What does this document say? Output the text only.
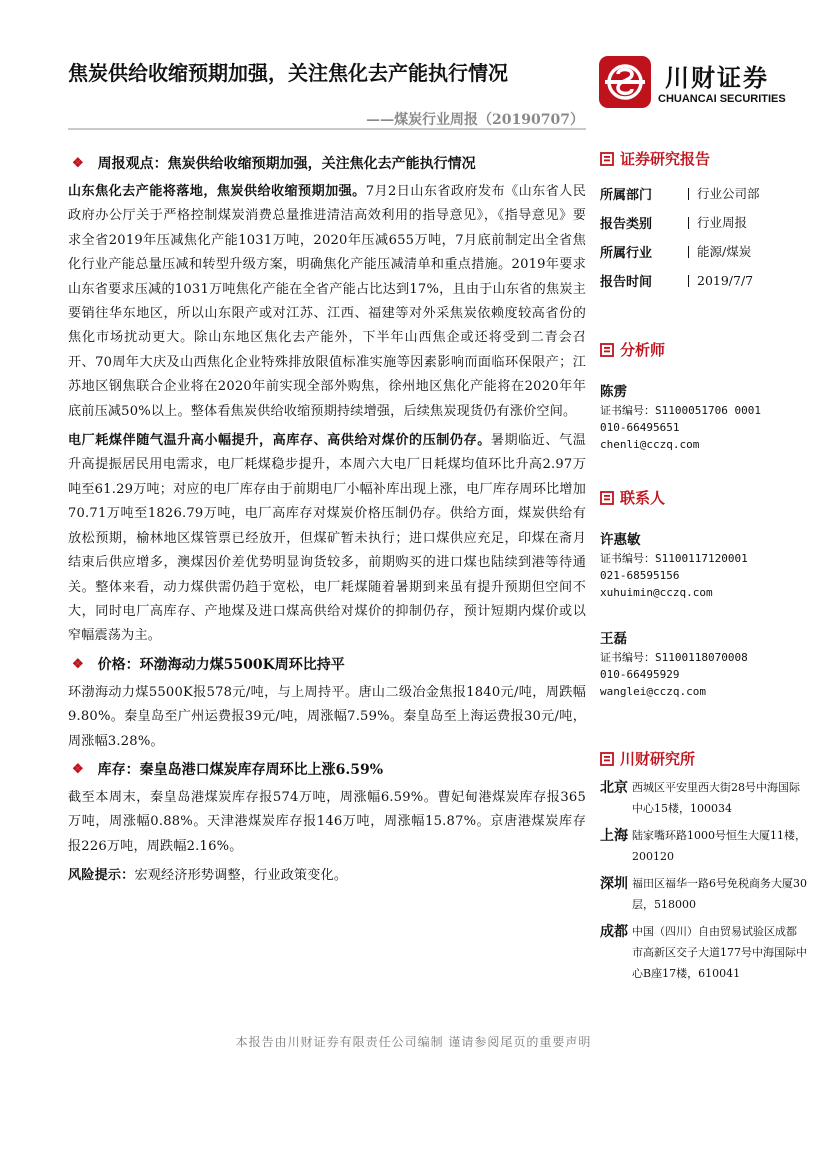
焦炭供给收缩预期加强，关注焦化去产能执行情况
——煤炭行业周报（20190707）
川财证券
CHUANCAI SECURITIES
❖ 周报观点：焦炭供给收缩预期加强，关注焦化去产能执行情况

山东焦化去产能将落地，焦炭供给收缩预期加强。7月2日山东省政府发布《山东省人民政府办公厅关于严格控制煤炭消费总量推进清洁高效利用的指导意见》，《指导意见》要求全省2019年压减焦化产能1031万吨，2020年压减655万吨，7月底前制定出全省焦化行业产能总量压减和转型升级方案，明确焦化产能压减清单和重点措施。2019年要求山东省要求压减的1031万吨焦化产能在全省产能占比达到17%，且由于山东省的焦炭主要销往华东地区，所以山东限产或对江苏、江西、福建等对外采焦炭依赖度较高省份的焦化市场扰动更大。除山东地区焦化去产能外，下半年山西焦企或还将受到二青会召开、70周年大庆及山西焦化企业特殊排放限值标准实施等因素影响而面临环保限产；江苏地区钢焦联合企业将在2020年前实现全部外购焦，徐州地区焦化产能将在2020年年底前压减50%以上。整体看焦炭供给收缩预期持续增强，后续焦炭现货仍有涨价空间。

电厂耗煤伴随气温升高小幅提升，高库存、高供给对煤价的压制仍存。暑期临近、气温升高提振居民用电需求，电厂耗煤稳步提升，本周六大电厂日耗煤均值环比升高2.97万吨至61.29万吨；对应的电厂库存由于前期电厂小幅补库出现上涨，电厂库存周环比增加70.71万吨至1826.79万吨，电厂高库存对煤炭价格压制仍存。供给方面，煤炭供给有放松预期，榆林地区煤管票已经放开，但煤矿暂未执行；进口煤供应充足，印煤在斋月结束后供应增多，澳煤因价差优势明显询货较多，前期购买的进口煤也陆续到港等待通关。整体来看，动力煤供需仍趋于宽松，电厂耗煤随着暑期到来虽有提升预期但空间不大，同时电厂高库存、产地煤及进口煤高供给对煤价的抑制仍存，预计短期内煤价或以窄幅震荡为主。

❖ 价格：环渤海动力煤5500K周环比持平

环渤海动力煤5500K报578元/吨，与上周持平。唐山二级冶金焦报1840元/吨，周跌幅9.80%。秦皇岛至广州运费报39元/吨，周涨幅7.59%。秦皇岛至上海运费报30元/吨，周涨幅3.28%。

❖ 库存：秦皇岛港口煤炭库存周环比上涨6.59%

截至本周末，秦皇岛港煤炭库存报574万吨，周涨幅6.59%。曹妃甸港煤炭库存报365万吨，周涨幅0.88%。天津港煤炭库存报146万吨，周涨幅15.87%。京唐港煤炭库存报226万吨，周跌幅2.16%。

风险提示：宏观经济形势调整，行业政策变化。

证券研究报告
所属部门	行业公司部
报告类别	行业周报
所属行业	能源/煤炭
报告时间	2019/7/7
分析师
陈雳
证书编号：S1100051706 0001
010-66495651
chenli@cczq.com
联系人
许惠敏
证书编号：S1100117120001
021-68595156
xuhuimin@cczq.com
王磊
证书编号：S1100118070008
010-66495929
wanglei@cczq.com
川财研究所
北京 西城区平安里西大街28号中海国际中心15楼，100034
上海 陆家嘴环路1000号恒生大厦11楼，200120
深圳 福田区福华一路6号免税商务大厦30层，518000
成都 中国（四川）自由贸易试验区成都市高新区交子大道177号中海国际中心B座17楼，610041
本报告由川财证券有限责任公司编制 谨请参阅尾页的重要声明
